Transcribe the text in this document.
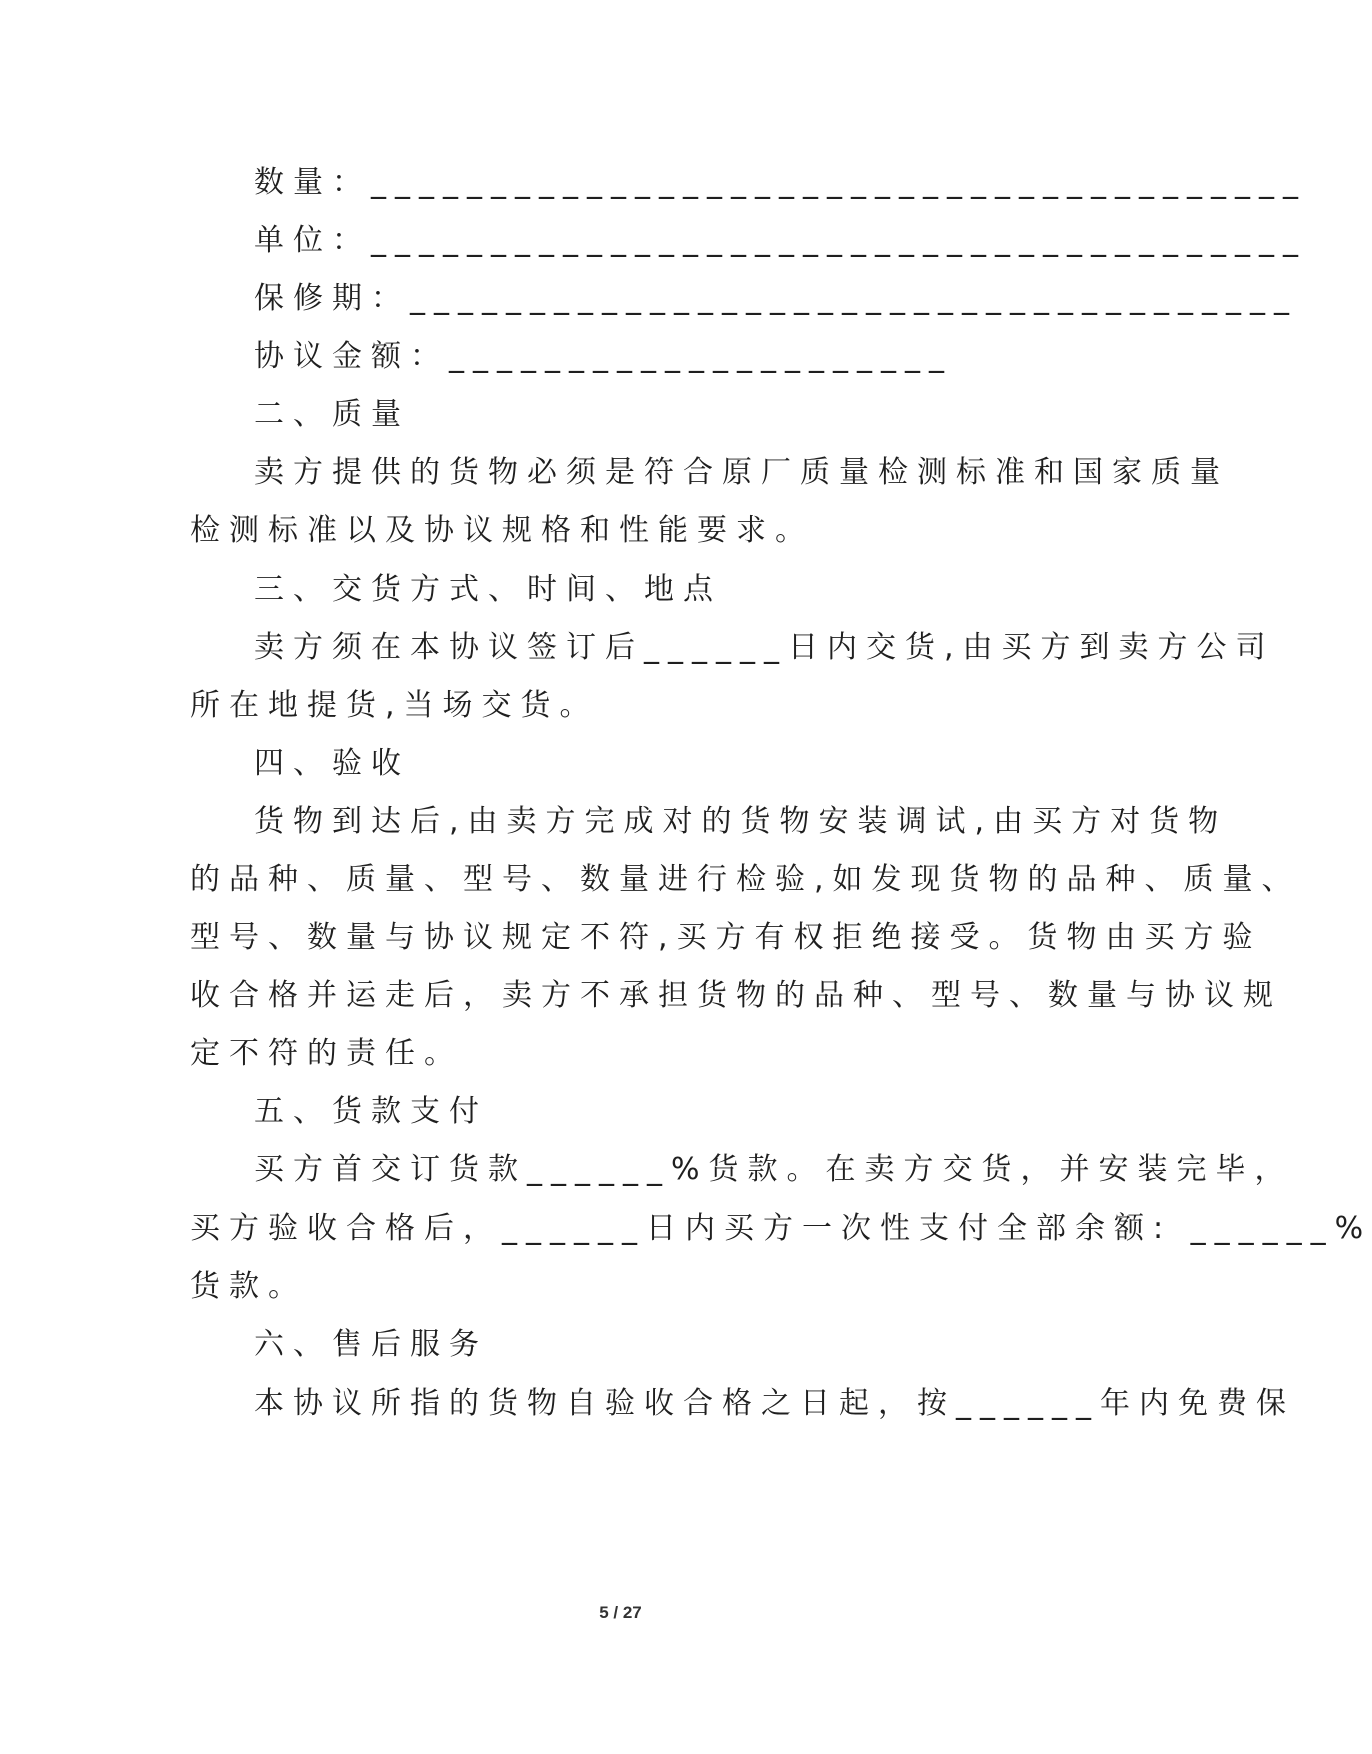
数量：_______________________________________
单位：_______________________________________
保修期：_____________________________________
协议金额：_____________________
二、质量
卖方提供的货物必须是符合原厂质量检测标准和国家质量
检测标准以及协议规格和性能要求。
三、交货方式、时间、地点
卖方须在本协议签订后______日内交货,由买方到卖方公司
所在地提货,当场交货。
四、验收
货物到达后,由卖方完成对的货物安装调试,由买方对货物
的品种、质量、型号、数量进行检验,如发现货物的品种、质量、
型号、数量与协议规定不符,买方有权拒绝接受。货物由买方验
收合格并运走后，卖方不承担货物的品种、型号、数量与协议规
定不符的责任。
五、货款支付
买方首交订货款______%货款。在卖方交货，并安装完毕，
买方验收合格后，______日内买方一次性支付全部余额: ______%
货款。
六、售后服务
本协议所指的货物自验收合格之日起，按______年内免费保
5 / 27
